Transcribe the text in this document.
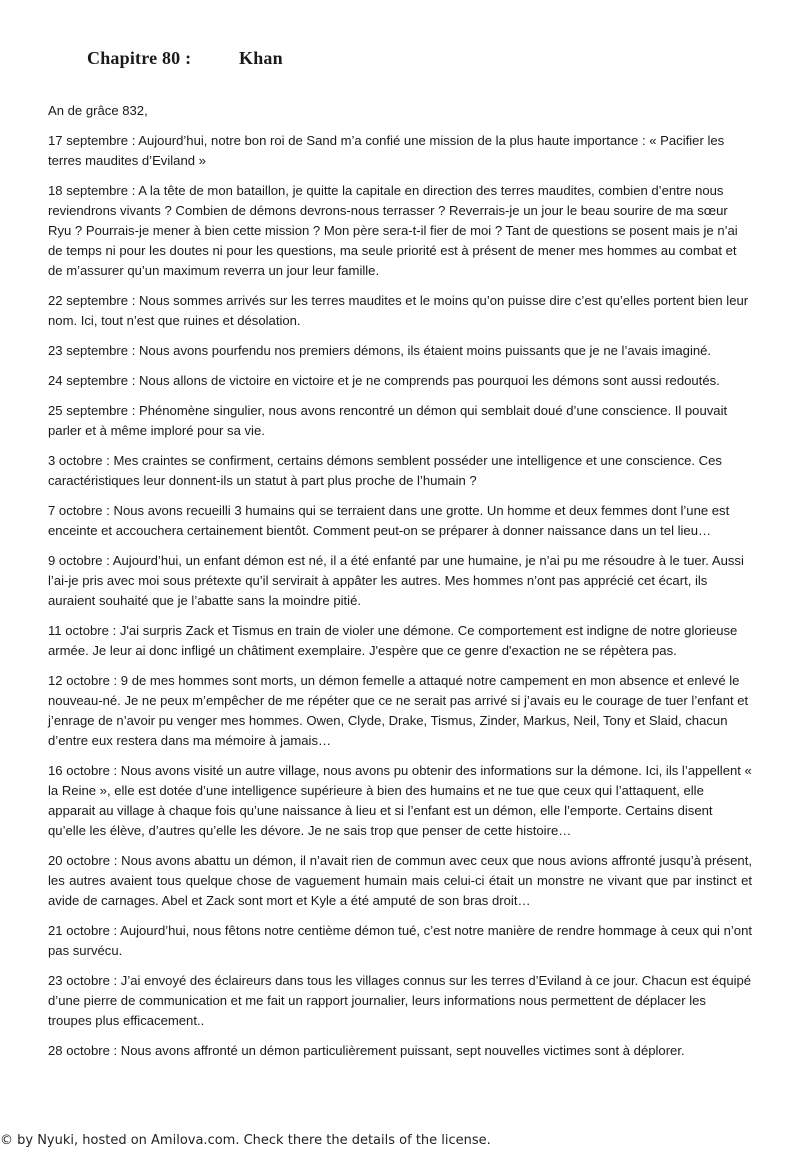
Chapitre 80 :	Khan

An de grâce 832,

17 septembre : Aujourd’hui, notre bon roi de Sand m’a confié une mission de la plus haute importance : « Pacifier les terres maudites d’Eviland »

18 septembre : A la tête de mon bataillon, je quitte la capitale en direction des terres maudites, combien d’entre nous reviendrons vivants ? Combien de démons devrons-nous terrasser ? Reverrais-je un jour le beau sourire de ma sœur Ryu ? Pourrais-je mener à bien cette mission ? Mon père sera-t-il fier de moi ? Tant de questions se posent mais je n’ai de temps ni pour les doutes ni pour les questions, ma seule priorité est à présent de mener mes hommes au combat et de m’assurer qu’un maximum reverra un jour leur famille.

22 septembre : Nous sommes arrivés sur les terres maudites et le moins qu’on puisse dire c’est qu’elles portent bien leur nom. Ici, tout n’est que ruines et désolation.

23 septembre : Nous avons pourfendu nos premiers démons, ils étaient moins puissants que je ne l’avais imaginé.

24 septembre : Nous allons de victoire en victoire et je ne comprends pas pourquoi les démons sont aussi redoutés.

25 septembre : Phénomène singulier, nous avons rencontré un démon qui semblait doué d’une conscience. Il pouvait parler et à même imploré pour sa vie.

3 octobre : Mes craintes se confirment, certains démons semblent posséder une intelligence et une conscience. Ces caractéristiques leur donnent-ils un statut à part plus proche de l’humain ?

7 octobre : Nous avons recueilli 3 humains qui se terraient dans une grotte. Un homme et deux femmes dont l’une est enceinte et accouchera certainement bientôt. Comment peut-on se préparer à donner naissance dans un tel lieu…

9 octobre : Aujourd’hui, un enfant démon est né, il a été enfanté par une humaine, je n’ai pu me résoudre à le tuer. Aussi l’ai-je pris avec moi sous prétexte qu’il servirait à appâter les autres. Mes hommes n’ont pas apprécié cet écart, ils auraient souhaité que je l’abatte sans la moindre pitié.

11 octobre : J'ai surpris Zack et Tismus en train de violer une démone. Ce comportement est indigne de notre glorieuse armée. Je leur ai donc infligé un châtiment exemplaire. J'espère que ce genre d'exaction ne se répètera pas.

12 octobre : 9 de mes hommes sont morts, un démon femelle a attaqué notre campement en mon absence et enlevé le nouveau-né. Je ne peux m’empêcher de me répéter que ce ne serait pas arrivé si j’avais eu le courage de tuer l’enfant et j’enrage de n’avoir pu venger mes hommes. Owen, Clyde, Drake, Tismus, Zinder, Markus, Neil, Tony et Slaid, chacun d’entre eux restera dans ma mémoire à jamais…

16 octobre : Nous avons visité un autre village, nous avons pu obtenir des informations sur la démone. Ici, ils l’appellent « la Reine », elle est dotée d’une intelligence supérieure à bien des humains et ne tue que ceux qui l’attaquent, elle apparait au village à chaque fois qu’une naissance à lieu et si l’enfant est un démon, elle l’emporte. Certains disent qu’elle les élève, d’autres qu’elle les dévore. Je ne sais trop que penser de cette histoire…

20 octobre : Nous avons abattu un démon, il n’avait rien de commun avec ceux que nous avions affronté jusqu’à présent, les autres avaient tous quelque chose de vaguement humain mais celui-ci était un monstre ne vivant que par instinct et avide de carnages. Abel et Zack sont mort et Kyle a été amputé de son bras droit…

21 octobre : Aujourd’hui, nous fêtons notre centième démon tué, c’est notre manière de rendre hommage à ceux qui n’ont pas survécu.

23 octobre : J’ai envoyé des éclaireurs dans tous les villages connus sur les terres d’Eviland à ce jour. Chacun est équipé d’une pierre de communication et me fait un rapport journalier, leurs informations nous permettent de déplacer les troupes plus efficacement..

28 octobre : Nous avons affronté un démon particulièrement puissant, sept nouvelles victimes sont à déplorer.

© by Nyuki, hosted on Amilova.com. Check there the details of the license.
